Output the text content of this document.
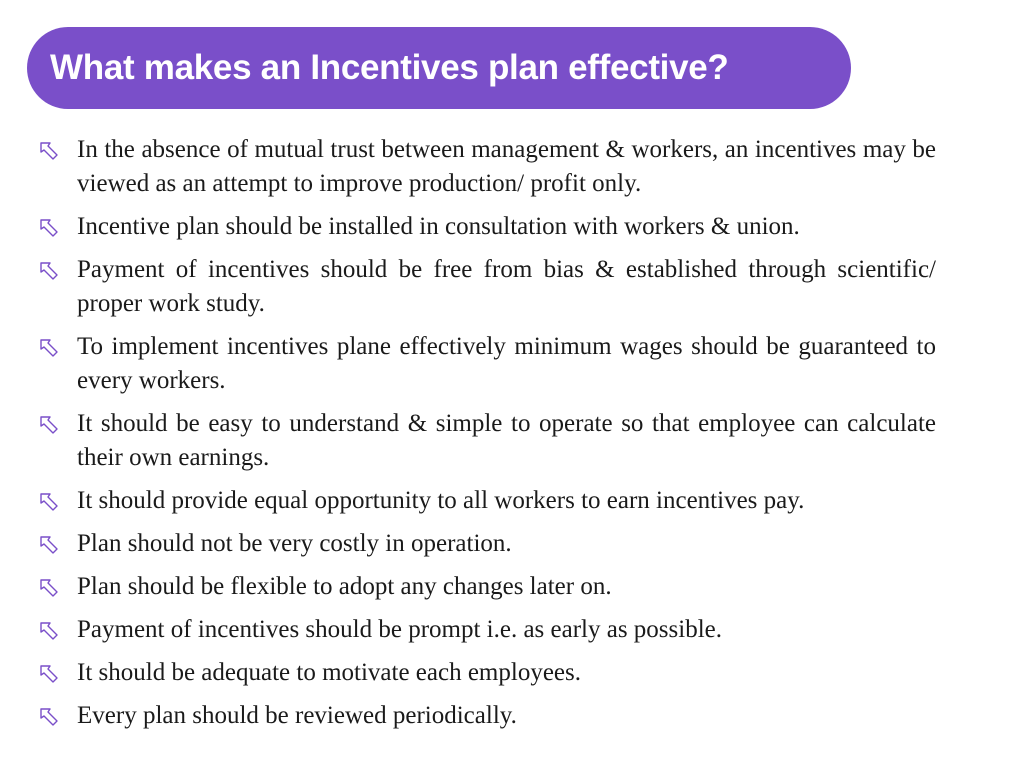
What makes an Incentives plan effective?
In the absence of mutual trust between management & workers, an incentives may be viewed as an attempt to improve production/ profit only.
Incentive plan should be installed in consultation with workers & union.
Payment of incentives should be free from bias & established through scientific/ proper work study.
To implement incentives plane effectively minimum wages should be guaranteed to every workers.
It should be easy to understand & simple to operate so that employee can calculate their own earnings.
It should provide equal opportunity to all workers to earn incentives pay.
Plan should not be very costly in operation.
Plan should be flexible to adopt any changes later on.
Payment of incentives should be prompt i.e. as early as possible.
It should be adequate to motivate each employees.
Every plan should be reviewed periodically.
